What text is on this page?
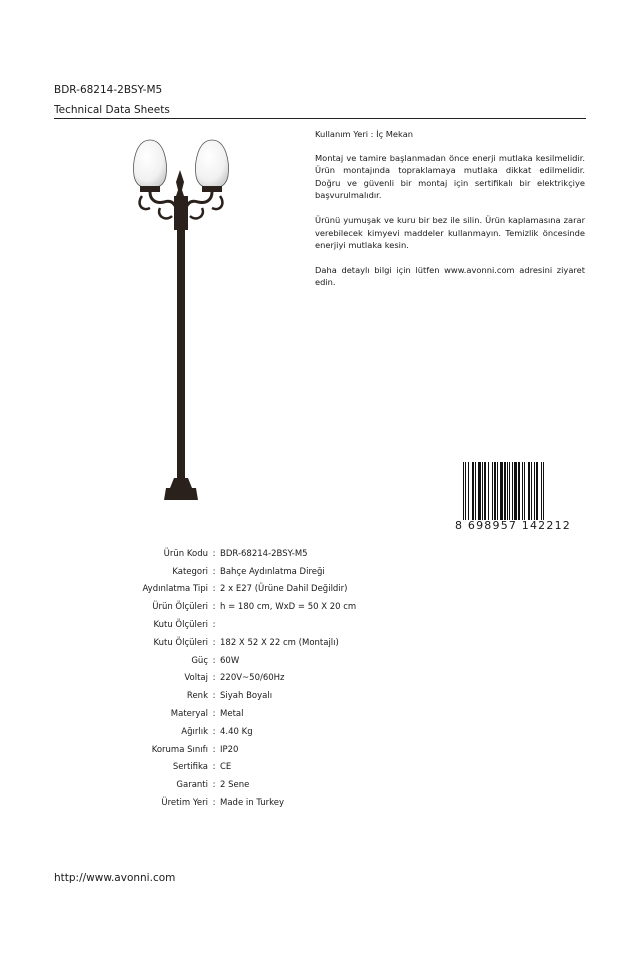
BDR-68214-2BSY-M5
Technical Data Sheets

Kullanım Yeri : İç Mekan

Montaj ve tamire başlanmadan önce enerji mutlaka kesilmelidir. Ürün montajında topraklamaya mutlaka dikkat edilmelidir. Doğru ve güvenli bir montaj için sertifikalı bir elektrikçiye başvurulmalıdır.

Ürünü yumuşak ve kuru bir bez ile silin. Ürün kaplamasına zarar verebilecek kimyevi maddeler kullanmayın. Temizlik öncesinde enerjiyi mutlaka kesin.

Daha detaylı bilgi için lütfen www.avonni.com adresini ziyaret edin.

8 698957 142212
Ürün Kodu : BDR-68214-2BSY-M5
Kategori : Bahçe Aydınlatma Direği
Aydınlatma Tipi : 2 x E27 (Ürüne Dahil Değildir)
Ürün Ölçüleri : h = 180 cm, WxD = 50 X 20 cm
Kutu Ölçüleri :
Kutu Ölçüleri : 182 X 52 X 22 cm (Montajlı)
Güç : 60W
Voltaj : 220V~50/60Hz
Renk : Siyah Boyalı
Materyal : Metal
Ağırlık : 4.40 Kg
Koruma Sınıfı : IP20
Sertifika : CE
Garanti : 2 Sene
Üretim Yeri : Made in Turkey
http://www.avonni.com
